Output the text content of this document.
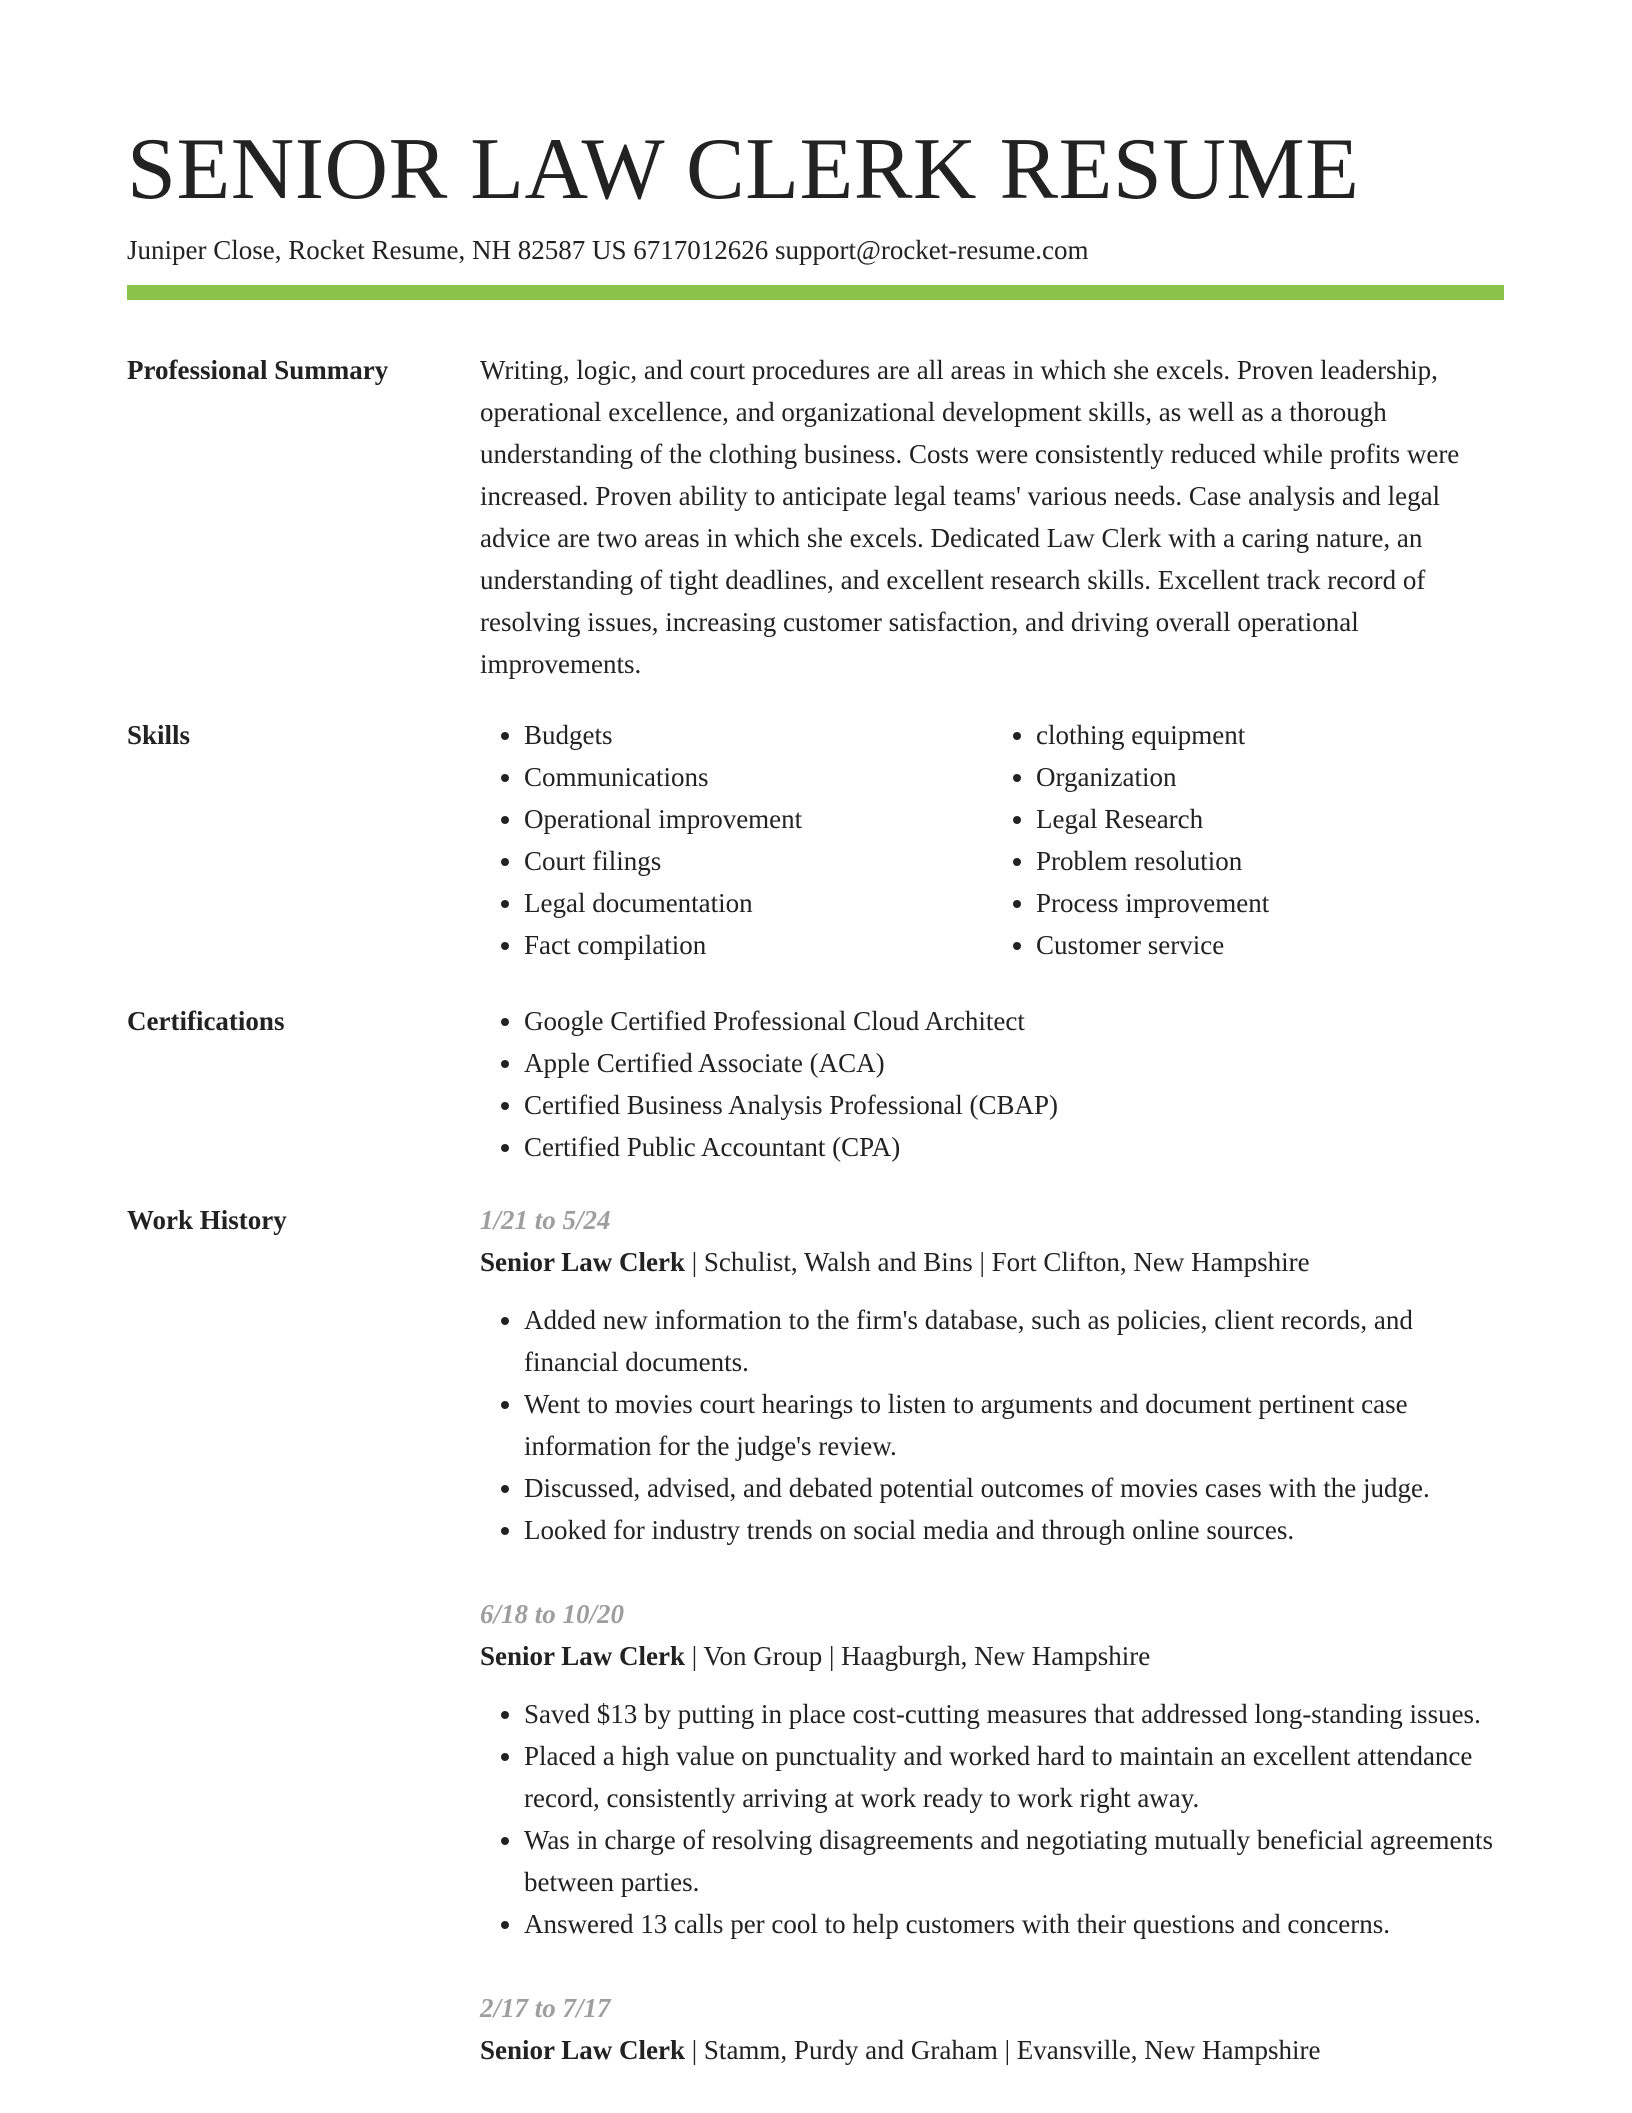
SENIOR LAW CLERK RESUME
Juniper Close, Rocket Resume, NH 82587 US 6717012626 support@rocket-resume.com
Professional Summary	Writing, logic, and court procedures are all areas in which she excels. Proven leadership, operational excellence, and organizational development skills, as well as a thorough understanding of the clothing business. Costs were consistently reduced while profits were increased. Proven ability to anticipate legal teams' various needs. Case analysis and legal advice are two areas in which she excels. Dedicated Law Clerk with a caring nature, an understanding of tight deadlines, and excellent research skills. Excellent track record of resolving issues, increasing customer satisfaction, and driving overall operational improvements.

Skills	• Budgets
• Communications
• Operational improvement
• Court filings
• Legal documentation
• Fact compilation
• clothing equipment
• Organization
• Legal Research
• Problem resolution
• Process improvement
• Customer service
Certifications	• Google Certified Professional Cloud Architect
• Apple Certified Associate (ACA)
• Certified Business Analysis Professional (CBAP)
• Certified Public Accountant (CPA)
Work History	1/21 to 5/24
Senior Law Clerk | Schulist, Walsh and Bins | Fort Clifton, New Hampshire
• Added new information to the firm's database, such as policies, client records, and financial documents.
• Went to movies court hearings to listen to arguments and document pertinent case information for the judge's review.
• Discussed, advised, and debated potential outcomes of movies cases with the judge.
• Looked for industry trends on social media and through online sources.
6/18 to 10/20
Senior Law Clerk | Von Group | Haagburgh, New Hampshire
• Saved $13 by putting in place cost-cutting measures that addressed long-standing issues.
• Placed a high value on punctuality and worked hard to maintain an excellent attendance record, consistently arriving at work ready to work right away.
• Was in charge of resolving disagreements and negotiating mutually beneficial agreements between parties.
• Answered 13 calls per cool to help customers with their questions and concerns.
2/17 to 7/17
Senior Law Clerk | Stamm, Purdy and Graham | Evansville, New Hampshire
